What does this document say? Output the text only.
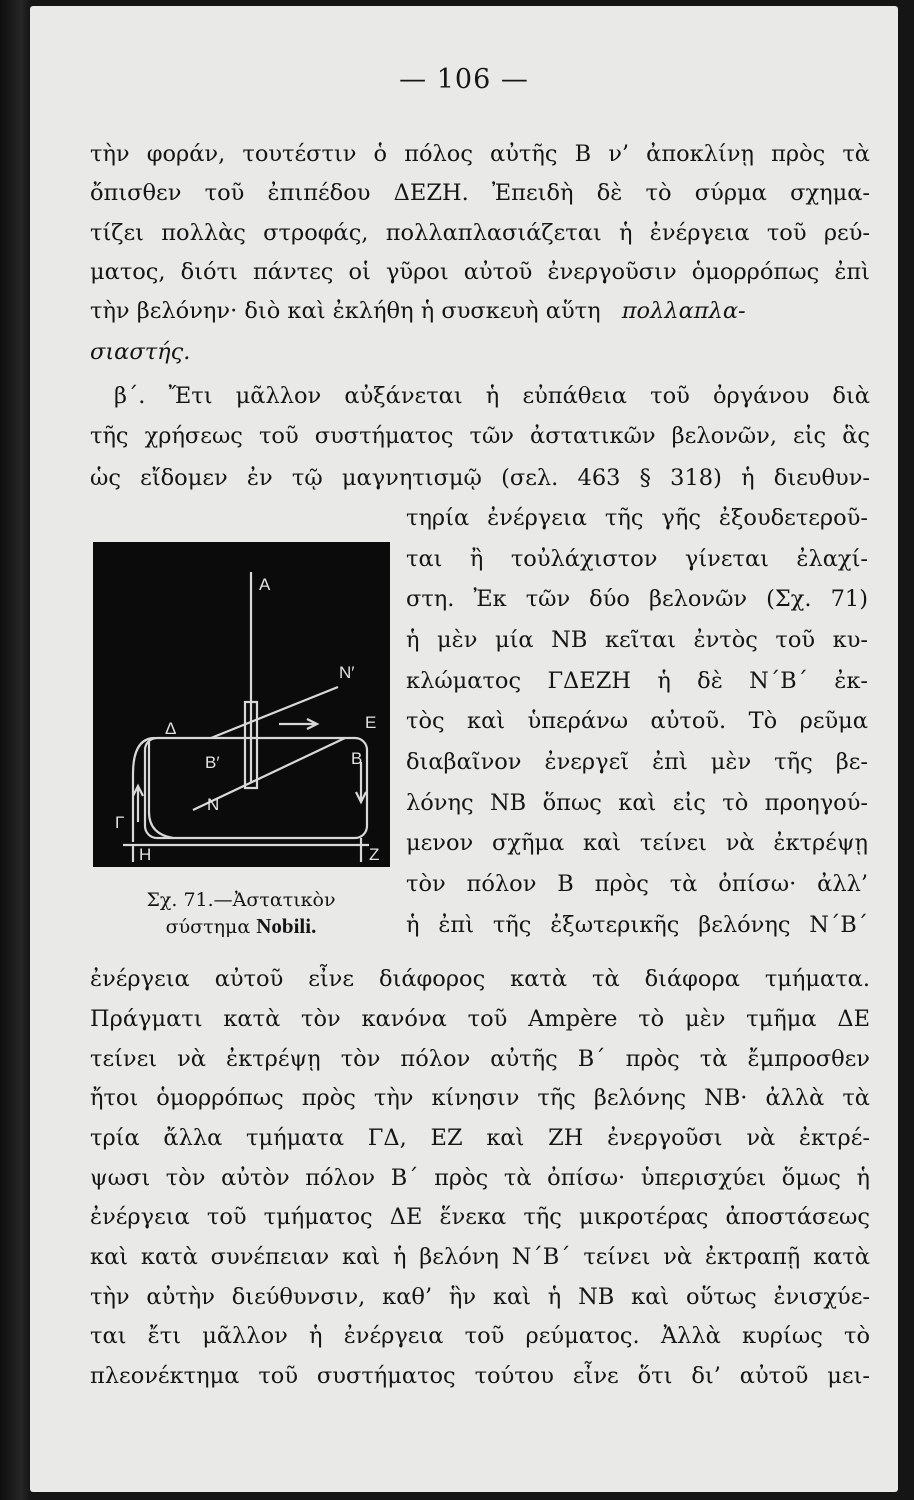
— 106 —
τὴν φοράν, τουτέστιν ὁ πόλος αὐτῆς Β ν’ ἀποκλίνῃ πρὸς τὰ
ὄπισθεν τοῦ ἐπιπέδου ΔΕΖΗ. Ἐπειδὴ δὲ τὸ σύρμα σχημα-
τίζει πολλὰς στροφάς, πολλαπλασιάζεται ἡ ἐνέργεια τοῦ ρεύ-
ματος, διότι πάντες οἱ γῦροι αὐτοῦ ἐνεργοῦσιν ὁμορρόπως ἐπὶ
τὴν βελόνην· διὸ καὶ ἐκλήθη ἡ συσκευὴ αὕτη πολλαπλα-
σιαστής.
β΄. Ἔτι μᾶλλον αὐξάνεται ἡ εὐπάθεια τοῦ ὀργάνου διὰ
τῆς χρήσεως τοῦ συστήματος τῶν ἀστατικῶν βελονῶν, εἰς ἃς
ὡς εἴδομεν ἐν τῷ μαγνητισμῷ (σελ. 463 § 318) ἡ διευθυν-
τηρία ἐνέργεια τῆς γῆς ἐξουδετεροῦ-
ται ἢ τοὐλάχιστον γίνεται ἐλαχί-
στη. Ἐκ τῶν δύο βελονῶν (Σχ. 71)
ἡ μὲν μία ΝΒ κεῖται ἐντὸς τοῦ κυ-
κλώματος ΓΔΕΖΗ ἡ δὲ Ν΄Β΄ ἐκ-
τὸς καὶ ὑπεράνω αὐτοῦ. Τὸ ρεῦμα
διαβαῖνον ἐνεργεῖ ἐπὶ μὲν τῆς βε-
λόνης ΝΒ ὅπως καὶ εἰς τὸ προηγού-
μενον σχῆμα καὶ τείνει νὰ ἐκτρέψῃ
τὸν πόλον Β πρὸς τὰ ὀπίσω· ἀλλ’
ἡ ἐπὶ τῆς ἐξωτερικῆς βελόνης Ν΄Β΄
A
N′
E
B′	B
Δ
N
Γ
H	Z
Σχ. 71.—Ἀστατικὸν
σύστημα Nobili.
ἐνέργεια αὐτοῦ εἶνε διάφορος κατὰ τὰ διάφορα τμήματα.
Πράγματι κατὰ τὸν κανόνα τοῦ Ampère τὸ μὲν τμῆμα ΔΕ
τείνει νὰ ἐκτρέψῃ τὸν πόλον αὐτῆς Β΄ πρὸς τὰ ἔμπροσθεν
ἤτοι ὁμορρόπως πρὸς τὴν κίνησιν τῆς βελόνης ΝΒ· ἀλλὰ τὰ
τρία ἄλλα τμήματα ΓΔ, ΕΖ καὶ ΖΗ ἐνεργοῦσι νὰ ἐκτρέ-
ψωσι τὸν αὐτὸν πόλον Β΄ πρὸς τὰ ὀπίσω· ὑπερισχύει ὅμως ἡ
ἐνέργεια τοῦ τμήματος ΔΕ ἕνεκα τῆς μικροτέρας ἀποστάσεως
καὶ κατὰ συνέπειαν καὶ ἡ βελόνη Ν΄Β΄ τείνει νὰ ἐκτραπῇ κατὰ
τὴν αὐτὴν διεύθυνσιν, καθ’ ἣν καὶ ἡ ΝΒ καὶ οὕτως ἐνισχύε-
ται ἔτι μᾶλλον ἡ ἐνέργεια τοῦ ρεύματος. Ἀλλὰ κυρίως τὸ
πλεονέκτημα τοῦ συστήματος τούτου εἶνε ὅτι δι’ αὐτοῦ μει-
